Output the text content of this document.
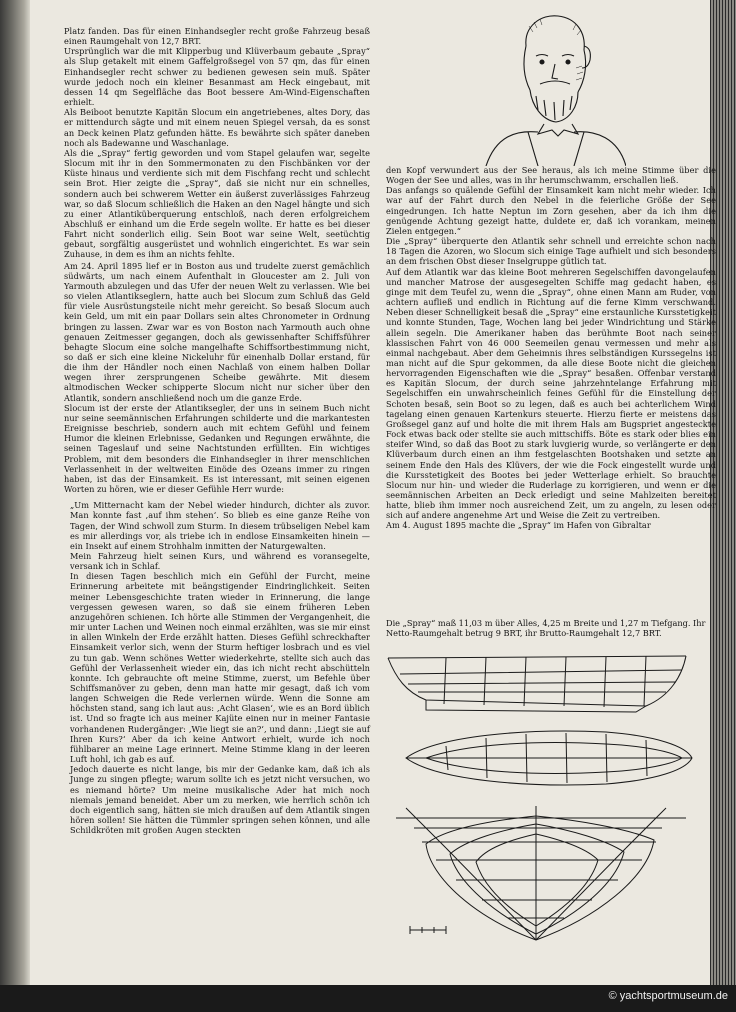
Platz fanden. Das für einen Einhandsegler recht große Fahrzeug besaß einen Raumgehalt von 12,7 BRT.

Ursprünglich war die mit Klipperbug und Klüverbaum gebaute „Spray“ als Slup getakelt mit einem Gaffelgroßsegel von 57 qm, das für einen Einhandsegler recht schwer zu bedienen gewesen sein muß. Später wurde jedoch noch ein kleiner Besanmast am Heck eingebaut, mit dessen 14 qm Segelfläche das Boot bessere Am-Wind-Eigenschaften erhielt.

Als Beiboot benutzte Kapitän Slocum ein angetriebenes, altes Dory, das er mittendurch sägte und mit einem neuen Spiegel versah, da es sonst an Deck keinen Platz gefunden hätte. Es bewährte sich später daneben noch als Badewanne und Waschanlage.

Als die „Spray“ fertig geworden und vom Stapel gelaufen war, segelte Slocum mit ihr in den Sommermonaten zu den Fischbänken vor der Küste hinaus und verdiente sich mit dem Fischfang recht und schlecht sein Brot. Hier zeigte die „Spray“, daß sie nicht nur ein schnelles, sondern auch bei schwerem Wetter ein äußerst zuverlässiges Fahrzeug war, so daß Slocum schließlich die Haken an den Nagel hängte und sich zu einer Atlantiküberquerung entschloß, nach deren erfolgreichem Abschluß er einhand um die Erde segeln wollte. Er hatte es bei dieser Fahrt nicht sonderlich eilig. Sein Boot war seine Welt, seetüchtig gebaut, sorgfältig ausgerüstet und wohnlich eingerichtet. Es war sein Zuhause, in dem es ihm an nichts fehlte.

Am 24. April 1895 lief er in Boston aus und trudelte zuerst gemächlich südwärts, um nach einem Aufenthalt in Gloucester am 2. Juli von Yarmouth abzulegen und das Ufer der neuen Welt zu verlassen. Wie bei so vielen Atlantikseglern, hatte auch bei Slocum zum Schluß das Geld für viele Ausrüstungsteile nicht mehr gereicht. So besaß Slocum auch kein Geld, um mit ein paar Dollars sein altes Chronometer in Ordnung bringen zu lassen. Zwar war es von Boston nach Yarmouth auch ohne genauen Zeitmesser gegangen, doch als gewissenhafter Schiffsführer behagte Slocum eine solche mangelhafte Schiffsortbestimmung nicht, so daß er sich eine kleine Nickeluhr für einenhalb Dollar erstand, für die ihm der Händler noch einen Nachlaß von einem halben Dollar wegen ihrer zersprungenen Scheibe gewährte. Mit diesem altmodischen Wecker schipperte Slocum nicht nur sicher über den Atlantik, sondern anschließend noch um die ganze Erde.

Slocum ist der erste der Atlantiksegler, der uns in seinem Buch nicht nur seine seemännischen Erfahrungen schilderte und die markantesten Ereignisse beschrieb, sondern auch mit echtem Gefühl und feinem Humor die kleinen Erlebnisse, Gedanken und Regungen erwähnte, die seinen Tageslauf und seine Nachtstunden erfüllten. Ein wichtiges Problem, mit dem besonders die Einhandsegler in ihrer menschlichen Verlassenheit in der weltweiten Einöde des Ozeans immer zu ringen haben, ist das der Einsamkeit. Es ist interessant, mit seinen eigenen Worten zu hören, wie er dieser Gefühle Herr wurde:

„Um Mitternacht kam der Nebel wieder hindurch, dichter als zuvor. Man konnte fast ‚auf ihm stehen‘. So blieb es eine ganze Reihe von Tagen, der Wind schwoll zum Sturm. In diesem trübseligen Nebel kam es mir allerdings vor, als triebe ich in endlose Einsamkeiten hinein — ein Insekt auf einem Strohhalm inmitten der Naturgewalten.

Mein Fahrzeug hielt seinen Kurs, und während es voransegelte, versank ich in Schlaf.

In diesen Tagen beschlich mich ein Gefühl der Furcht, meine Erinnerung arbeitete mit beängstigender Eindringlichkeit. Seiten meiner Lebensgeschichte traten wieder in Erinnerung, die lange vergessen gewesen waren, so daß sie einem früheren Leben anzugehören schienen. Ich hörte alle Stimmen der Vergangenheit, die mir unter Lachen und Weinen noch einmal erzählten, was sie mir einst in allen Winkeln der Erde erzählt hatten. Dieses Gefühl schreckhafter Einsamkeit verlor sich, wenn der Sturm heftiger losbrach und es viel zu tun gab. Wenn schönes Wetter wiederkehrte, stellte sich auch das Gefühl der Verlassenheit wieder ein, das ich nicht recht abschütteln konnte. Ich gebrauchte oft meine Stimme, zuerst, um Befehle über Schiffsmanöver zu geben, denn man hatte mir gesagt, daß ich vom langen Schweigen die Rede verlernen würde. Wenn die Sonne am höchsten stand, sang ich laut aus: ‚Acht Glasen‘, wie es an Bord üblich ist. Und so fragte ich aus meiner Kajüte einen nur in meiner Fantasie vorhandenen Rudergänger: ‚Wie liegt sie an?‘, und dann: ‚Liegt sie auf Ihren Kurs?‘ Aber da ich keine Antwort erhielt, wurde ich noch fühlbarer an meine Lage erinnert. Meine Stimme klang in der leeren Luft hohl, ich gab es auf.

Jedoch dauerte es nicht lange, bis mir der Gedanke kam, daß ich als Junge zu singen pflegte; warum sollte ich es jetzt nicht versuchen, wo es niemand hörte? Um meine musikalische Ader hat mich noch niemals jemand beneidet. Aber um zu merken, wie herrlich schön ich doch eigentlich sang, hätten sie mich draußen auf dem Atlantik singen hören sollen! Sie hätten die Tümmler springen sehen können, und alle Schildkröten mit großen Augen steckten

den Kopf verwundert aus der See heraus, als ich meine Stimme über die Wogen der See und alles, was in ihr herumschwamm, erschallen ließ.

Das anfangs so quälende Gefühl der Einsamkeit kam nicht mehr wieder. Ich war auf der Fahrt durch den Nebel in die feierliche Größe der See eingedrungen. Ich hatte Neptun im Zorn gesehen, aber da ich ihm die genügende Achtung gezeigt hatte, duldete er, daß ich vorankam, meinen Zielen entgegen.“

Die „Spray“ überquerte den Atlantik sehr schnell und erreichte schon nach 18 Tagen die Azoren, wo Slocum sich einige Tage aufhielt und sich besonders an dem frischen Obst dieser Inselgruppe gütlich tat.

Auf dem Atlantik war das kleine Boot mehreren Segelschiffen davongelaufen und mancher Matrose der ausgesegelten Schiffe mag gedacht haben, es ginge mit dem Teufel zu, wenn die „Spray“, ohne einen Mann am Ruder, von achtern aufließ und endlich in Richtung auf die ferne Kimm verschwand. Neben dieser Schnelligkeit besaß die „Spray“ eine erstaunliche Kursstetigkeit und konnte Stunden, Tage, Wochen lang bei jeder Windrichtung und Stärke allein segeln. Die Amerikaner haben das berühmte Boot nach seiner klassischen Fahrt von 46 000 Seemeilen genau vermessen und mehr als einmal nachgebaut. Aber dem Geheimnis ihres selbständigen Kurssegelns ist man nicht auf die Spur gekommen, da alle diese Boote nicht die gleichen hervorragenden Eigenschaften wie die „Spray“ besaßen. Offenbar verstand es Kapitän Slocum, der durch seine jahrzehntelange Erfahrung mit Segelschiffen ein unwahrscheinlich feines Gefühl für die Einstellung der Schoten besaß, sein Boot so zu legen, daß es auch bei achterlichem Wind tagelang einen genauen Kartenkurs steuerte. Hierzu fierte er meistens das Großsegel ganz auf und holte die mit ihrem Hals am Bugspriet angesteckte Fock etwas back oder stellte sie auch mittschiffs. Böte es stark oder blies ein steifer Wind, so daß das Boot zu stark luvgierig wurde, so verlängerte er den Klüverbaum durch einen an ihm festgelaschten Bootshaken und setzte an seinem Ende den Hals des Klüvers, der wie die Fock eingestellt wurde und die Kursstetigkeit des Bootes bei jeder Wetterlage erhielt. So brauchte Slocum nur hin- und wieder die Ruderlage zu korrigieren, und wenn er die seemännischen Arbeiten an Deck erledigt und seine Mahlzeiten bereitet hatte, blieb ihm immer noch ausreichend Zeit, um zu angeln, zu lesen oder sich auf andere angenehme Art und Weise die Zeit zu vertreiben.

Am 4. August 1895 machte die „Spray“ im Hafen von Gibraltar

Die „Spray“ maß 11,03 m über Alles, 4,25 m Breite und 1,27 m Tiefgang. Ihr Netto-Raumgehalt betrug 9 BRT, ihr Brutto-Raumgehalt 12,7 BRT.
© yachtsportmuseum.de
